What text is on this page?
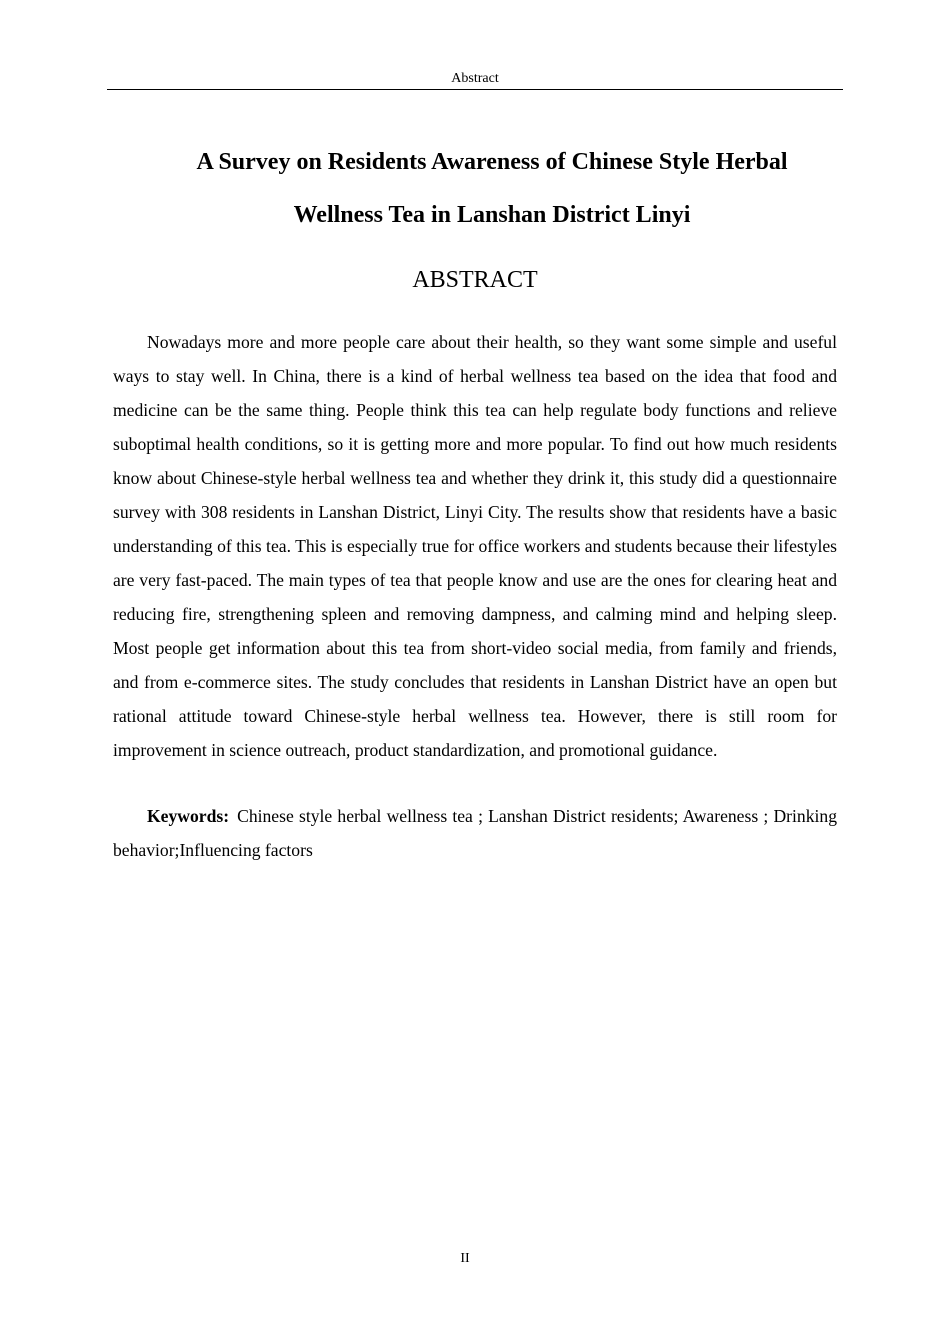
Abstract
A Survey on Residents Awareness of Chinese Style Herbal
Wellness Tea in Lanshan District Linyi
ABSTRACT

Nowadays more and more people care about their health, so they want some simple and useful ways to stay well. In China, there is a kind of herbal wellness tea based on the idea that food and medicine can be the same thing. People think this tea can help regulate body functions and relieve suboptimal health conditions, so it is getting more and more popular. To find out how much residents know about Chinese-style herbal wellness tea and whether they drink it, this study did a questionnaire survey with 308 residents in Lanshan District, Linyi City. The results show that residents have a basic understanding of this tea. This is especially true for office workers and students because their lifestyles are very fast-paced. The main types of tea that people know and use are the ones for clearing heat and reducing fire, strengthening spleen and removing dampness, and calming mind and helping sleep. Most people get information about this tea from short-video social media, from family and friends, and from e-commerce sites. The study concludes that residents in Lanshan District have an open but rational attitude toward Chinese-style herbal wellness tea. However, there is still room for improvement in science outreach, product standardization, and promotional guidance.

Keywords: Chinese style herbal wellness tea ; Lanshan District residents; Awareness ; Drinking behavior;Influencing factors

II
